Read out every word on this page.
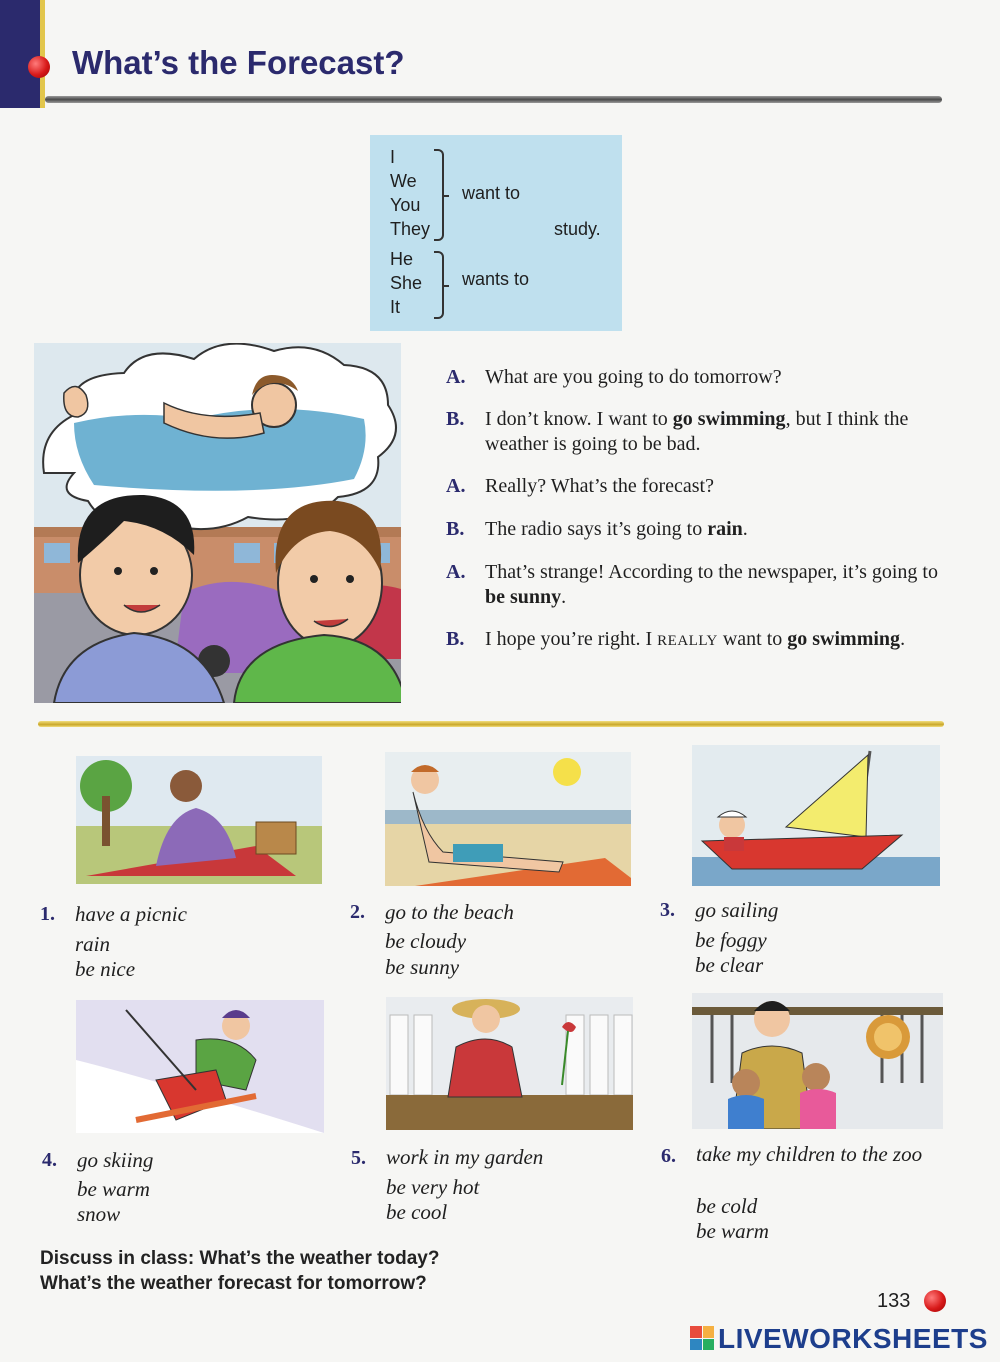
What’s the Forecast?
I
We
You
They
want to
study.
He
She
It
wants to
A. What are you going to do tomorrow?
B. I don’t know. I want to go swimming, but I think the weather is going to be bad.
A. Really? What’s the forecast?
B. The radio says it’s going to rain.
A. That’s strange! According to the newspaper, it’s going to be sunny.
B. I hope you’re right. I REALLY want to go swimming.
1. have a picnic
rain
be nice
2. go to the beach
be cloudy
be sunny
3. go sailing
be foggy
be clear
4. go skiing
be warm
snow
5. work in my garden
be very hot
be cool
6. take my children to the zoo
be cold
be warm
Discuss in class: What’s the weather today?
What’s the weather forecast for tomorrow?
133
LIVEWORKSHEETS
